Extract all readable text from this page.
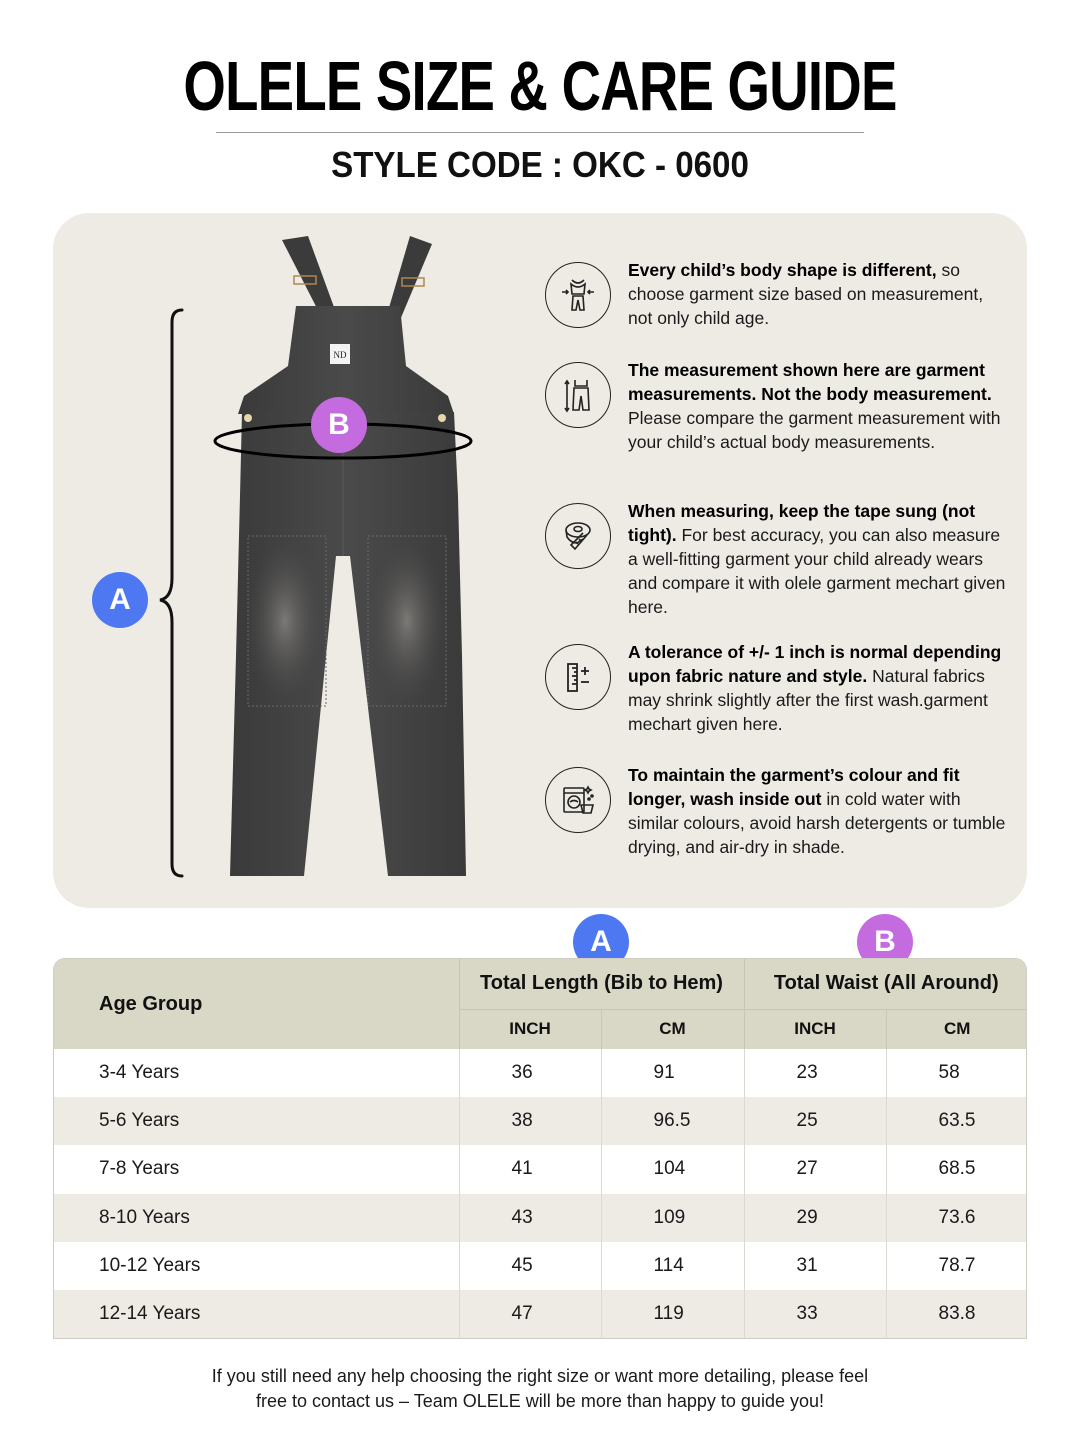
OLELE SIZE & CARE GUIDE
STYLE CODE : OKC - 0600
A
ND
B
Every child’s body shape is different, so choose garment size based on measurement, not only child age.
The measurement shown here are garment measurements. Not the body measurement. Please compare the garment measurement with your child’s actual body measurements.
When measuring, keep the tape sung (not tight). For best accuracy, you can also measure a well-fitting garment your child already wears and compare it with olele garment mechart given here.
A tolerance of +/- 1 inch is normal depending upon fabric nature and style. Natural fabrics may shrink slightly after the first wash.garment mechart given here.
To maintain the garment’s colour and fit longer, wash inside out in cold water with similar colours, avoid harsh detergents or tumble drying, and air-dry in shade.
A	B
Age Group	Total Length (Bib to Hem)		Total Waist (All Around)	
	INCH	CM	INCH	CM
3-4 Years	36	91	23	58
5-6 Years	38	96.5	25	63.5
7-8 Years	41	104	27	68.5
8-10 Years	43	109	29	73.6
10-12 Years	45	114	31	78.7
12-14 Years	47	119	33	83.8
If you still need any help choosing the right size or want more detailing, please feel
free to contact us – Team OLELE will be more than happy to guide you!
